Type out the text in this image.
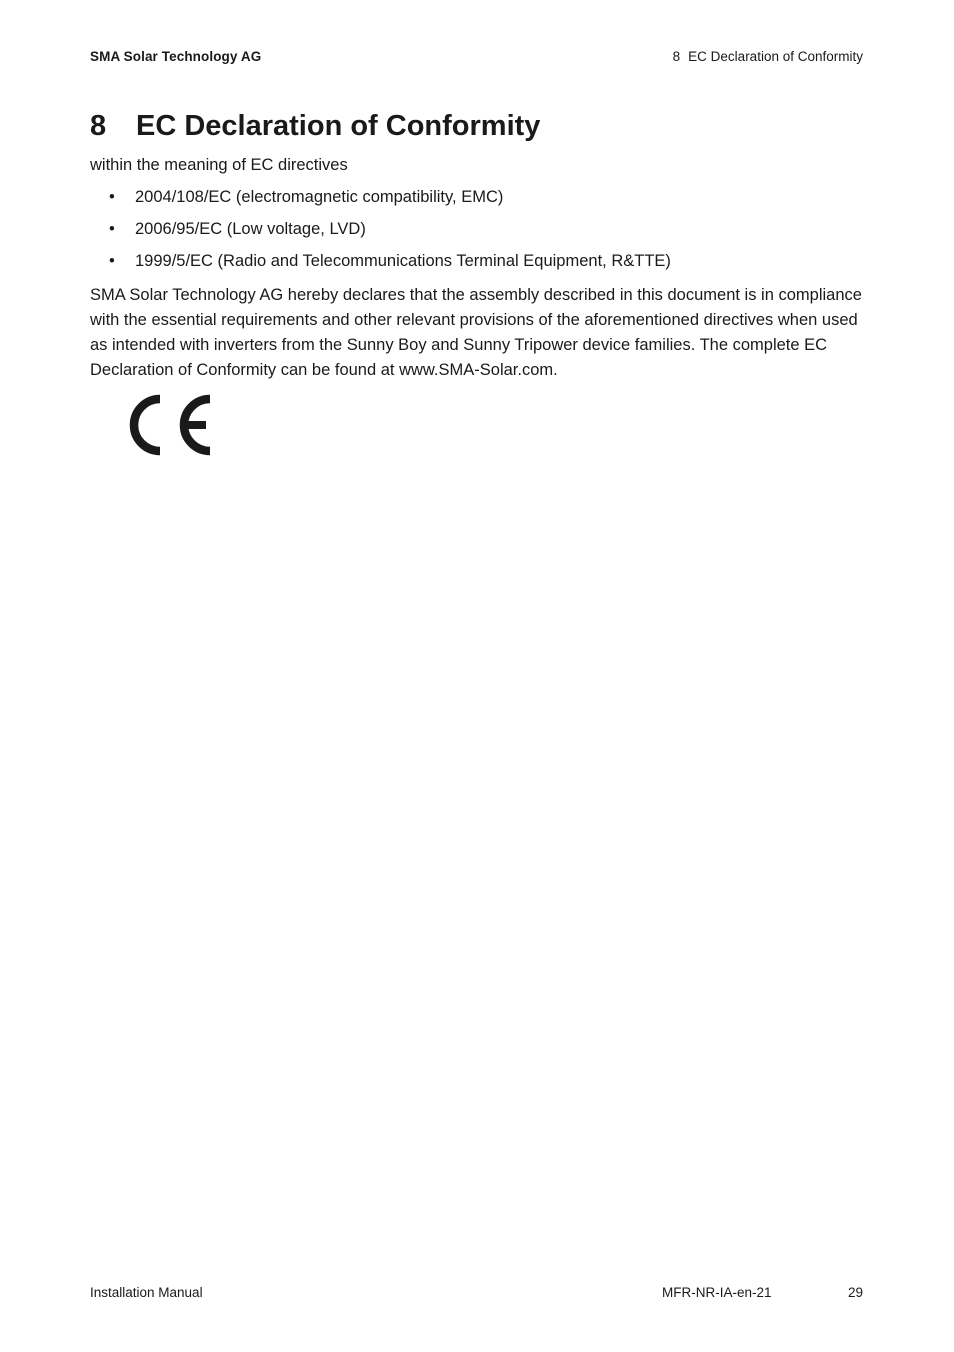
SMA Solar Technology AG	8 EC Declaration of Conformity
8 EC Declaration of Conformity

within the meaning of EC directives

• 2004/108/EC (electromagnetic compatibility, EMC)
• 2006/95/EC (Low voltage, LVD)
• 1999/5/EC (Radio and Telecommunications Terminal Equipment, R&TTE)

SMA Solar Technology AG hereby declares that the assembly described in this document is in compliance with the essential requirements and other relevant provisions of the aforementioned directives when used as intended with inverters from the Sunny Boy and Sunny Tripower device families. The complete EC Declaration of Conformity can be found at www.SMA-Solar.com.

Installation Manual	MFR-NR-IA-en-21	29
